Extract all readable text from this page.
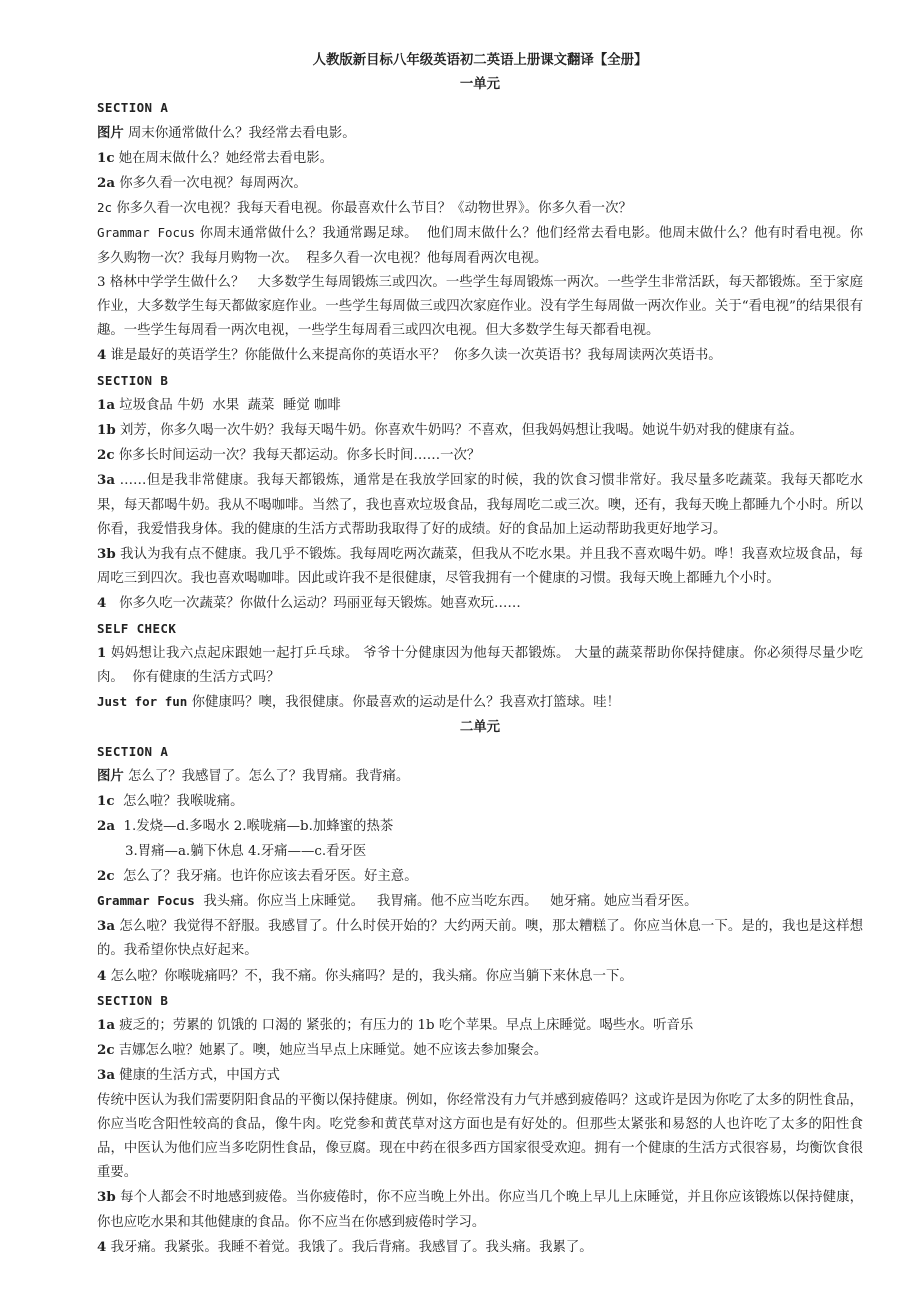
人教版新目标八年级英语初二英语上册课文翻译【全册】
一单元
SECTION A
图片 周末你通常做什么？我经常去看电影。
1c 她在周末做什么？她经常去看电影。
2a 你多久看一次电视？每周两次。
2c 你多久看一次电视？我每天看电视。你最喜欢什么节目？《动物世界》。你多久看一次？
Grammar Focus 你周末通常做什么？我通常踢足球。  他们周末做什么？他们经常去看电影。他周末做什么？他有时看电视。你多久购物一次？我每月购物一次。  程多久看一次电视？他每周看两次电视。
3 格林中学学生做什么？   大多数学生每周锻炼三或四次。一些学生每周锻炼一两次。一些学生非常活跃，每天都锻炼。至于家庭作业，大多数学生每天都做家庭作业。一些学生每周做三或四次家庭作业。没有学生每周做一两次作业。关于“看电视”的结果很有趣。一些学生每周看一两次电视，一些学生每周看三或四次电视。但大多数学生每天都看电视。
4 谁是最好的英语学生？你能做什么来提高你的英语水平？  你多久读一次英语书？我每周读两次英语书。
SECTION B
1a 垃圾食品 牛奶  水果  蔬菜  睡觉 咖啡
1b 刘芳，你多久喝一次牛奶？我每天喝牛奶。你喜欢牛奶吗？不喜欢，但我妈妈想让我喝。她说牛奶对我的健康有益。
2c 你多长时间运动一次？我每天都运动。你多长时间……一次？
3a ……但是我非常健康。我每天都锻炼，通常是在我放学回家的时候，我的饮食习惯非常好。我尽量多吃蔬菜。我每天都吃水果，每天都喝牛奶。我从不喝咖啡。当然了，我也喜欢垃圾食品，我每周吃二或三次。噢，还有，我每天晚上都睡九个小时。所以你看，我爱惜我身体。我的健康的生活方式帮助我取得了好的成绩。好的食品加上运动帮助我更好地学习。
3b 我认为我有点不健康。我几乎不锻炼。我每周吃两次蔬菜，但我从不吃水果。并且我不喜欢喝牛奶。哗！我喜欢垃圾食品，每周吃三到四次。我也喜欢喝咖啡。因此或许我不是很健康，尽管我拥有一个健康的习惯。我每天晚上都睡九个小时。
4   你多久吃一次蔬菜？你做什么运动？玛丽亚每天锻炼。她喜欢玩……
SELF CHECK
1 妈妈想让我六点起床跟她一起打乒乓球。 爷爷十分健康因为他每天都锻炼。 大量的蔬菜帮助你保持健康。你必须得尽量少吃肉。  你有健康的生活方式吗？
Just for fun 你健康吗？噢，我很健康。你最喜欢的运动是什么？我喜欢打篮球。哇！
二单元
SECTION A
图片 怎么了？我感冒了。怎么了？我胃痛。我背痛。
1c  怎么啦？我喉咙痛。
2a  1.发烧—d.多喝水 2.喉咙痛—b.加蜂蜜的热茶
3.胃痛—a.躺下休息 4.牙痛——c.看牙医
2c  怎么了？我牙痛。也许你应该去看牙医。好主意。
Grammar Focus  我头痛。你应当上床睡觉。   我胃痛。他不应当吃东西。   她牙痛。她应当看牙医。
3a 怎么啦？我觉得不舒服。我感冒了。什么时侯开始的？大约两天前。噢，那太糟糕了。你应当休息一下。是的，我也是这样想的。我希望你快点好起来。
4 怎么啦？你喉咙痛吗？不，我不痛。你头痛吗？是的，我头痛。你应当躺下来休息一下。
SECTION B
1a 疲乏的；劳累的 饥饿的 口渴的 紧张的；有压力的 1b 吃个苹果。早点上床睡觉。喝些水。听音乐
2c 吉娜怎么啦？她累了。噢，她应当早点上床睡觉。她不应该去参加聚会。
3a 健康的生活方式，中国方式
传统中医认为我们需要阴阳食品的平衡以保持健康。例如，你经常没有力气并感到疲倦吗？这或许是因为你吃了太多的阴性食品，你应当吃含阳性较高的食品，像牛肉。吃党参和黄芪草对这方面也是有好处的。但那些太紧张和易怒的人也许吃了太多的阳性食品，中医认为他们应当多吃阴性食品，像豆腐。现在中药在很多西方国家很受欢迎。拥有一个健康的生活方式很容易，均衡饮食很重要。
3b 每个人都会不时地感到疲倦。当你疲倦时，你不应当晚上外出。你应当几个晚上早儿上床睡觉，并且你应该锻炼以保持健康，你也应吃水果和其他健康的食品。你不应当在你感到疲倦时学习。
4 我牙痛。我紧张。我睡不着觉。我饿了。我后背痛。我感冒了。我头痛。我累了。
